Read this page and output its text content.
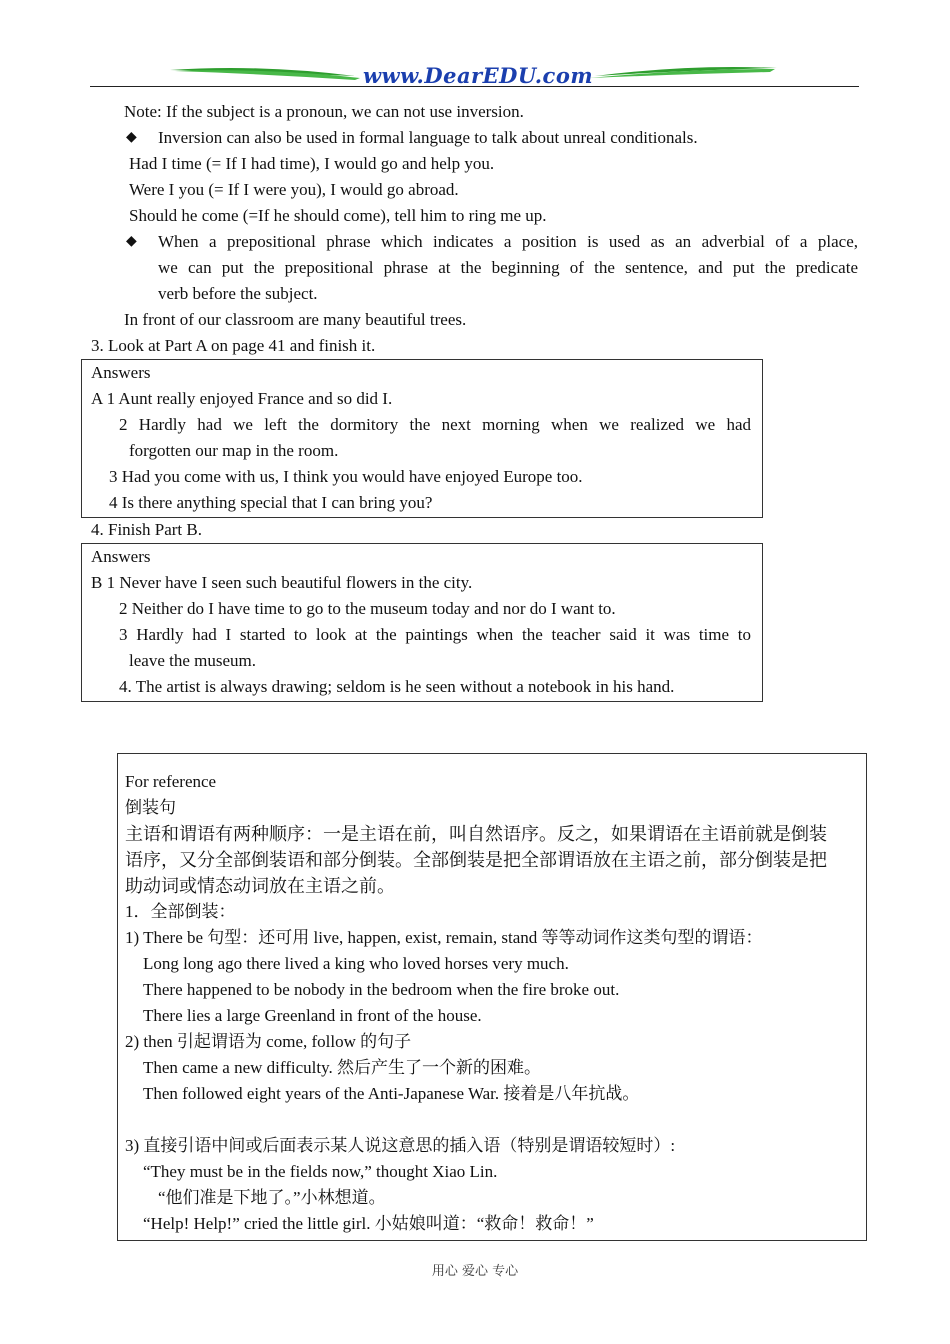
www.DearEDU.com
Note: If the subject is a pronoun, we can not use inversion.
◆ Inversion can also be used in formal language to talk about unreal conditionals.
Had I time (= If I had time), I would go and help you.
Were I you (= If I were you), I would go abroad.
Should he come (=If he should come), tell him to ring me up.
◆ When a prepositional phrase which indicates a position is used as an adverbial of a place,
we can put the prepositional phrase at the beginning of the sentence, and put the predicate
verb before the subject.
In front of our classroom are many beautiful trees.
3. Look at Part A on page 41 and finish it.
Answers
A 1 Aunt really enjoyed France and so did I.
2 Hardly had we left the dormitory the next morning when we realized we had
forgotten our map in the room.
3 Had you come with us, I think you would have enjoyed Europe too.
4 Is there anything special that I can bring you?
4. Finish Part B.
Answers
B 1 Never have I seen such beautiful flowers in the city.
2 Neither do I have time to go to the museum today and nor do I want to.
3 Hardly had I started to look at the paintings when the teacher said it was time to
leave the museum.
4. The artist is always drawing; seldom is he seen without a notebook in his hand.
For reference
倒装句
主语和谓语有两种顺序：一是主语在前，叫自然语序。反之，如果谓语在主语前就是倒装
语序，又分全部倒装语和部分倒装。全部倒装是把全部谓语放在主语之前，部分倒装是把
助动词或情态动词放在主语之前。
1．全部倒装：
1) There be 句型：还可用 live, happen, exist, remain, stand 等等动词作这类句型的谓语：
Long long ago there lived a king who loved horses very much.
There happened to be nobody in the bedroom when the fire broke out.
There lies a large Greenland in front of the house.
2) then 引起谓语为 come, follow 的句子
Then came a new difficulty. 然后产生了一个新的困难。
Then followed eight years of the Anti-Japanese War. 接着是八年抗战。
3) 直接引语中间或后面表示某人说这意思的插入语（特别是谓语较短时）:
“They must be in the fields now,” thought Xiao Lin.
“他们准是下地了。”小林想道。
“Help! Help!” cried the little girl. 小姑娘叫道：“救命！救命！”
用心 爱心 专心
